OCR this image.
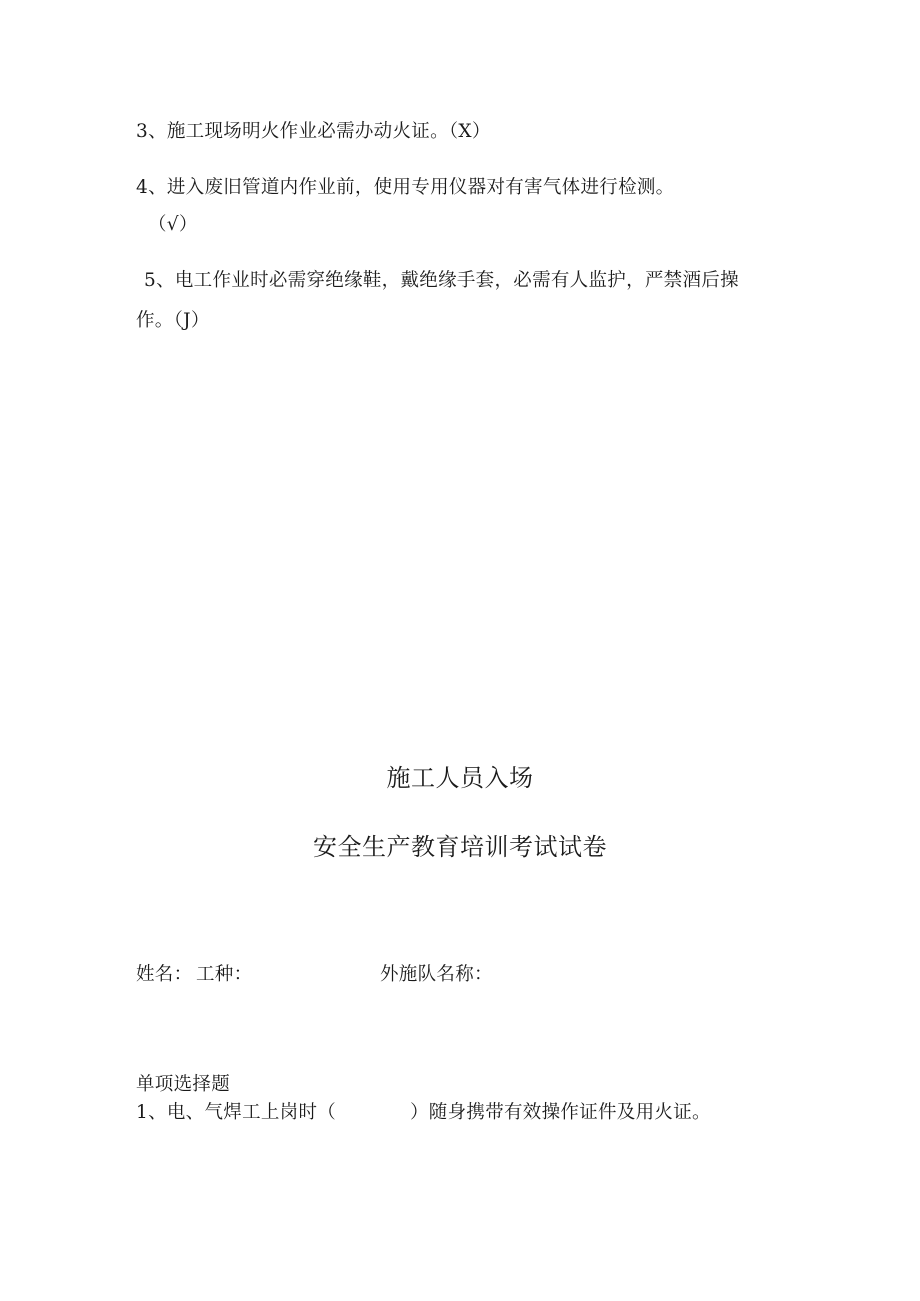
3、施工现场明火作业必需办动火证。（X）
4、进入废旧管道内作业前，使用专用仪器对有害气体进行检测。
（√）
5、电工作业时必需穿绝缘鞋，戴绝缘手套，必需有人监护，严禁酒后操
作。（J）
施工人员入场
安全生产教育培训考试试卷
姓名： 工种：	外施队名称：
单项选择题
1、电、气焊工上岗时（	）随身携带有效操作证件及用火证。
